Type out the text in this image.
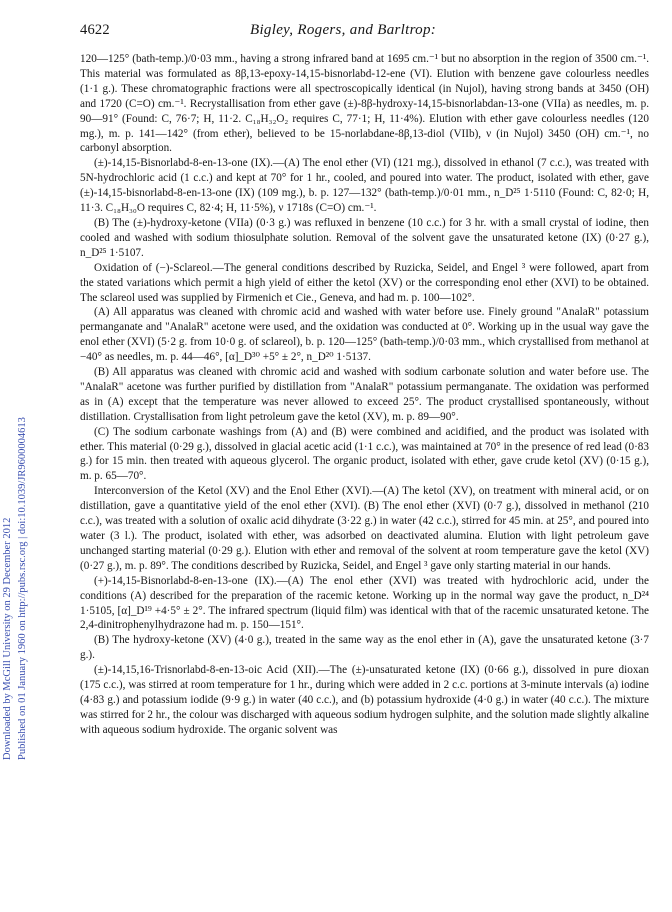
Downloaded by McGill University on 29 December 2012 Published on 01 January 1960 on http://pubs.rsc.org | doi:10.1039/JR9600004613
4622	Bigley, Rogers, and Barltrop:

120—125° (bath-temp.)/0·03 mm., having a strong infrared band at 1695 cm.⁻¹ but no absorption in the region of 3500 cm.⁻¹. This material was formulated as 8β,13-epoxy-14,15-bisnorlabd-12-ene (VI). Elution with benzene gave colourless needles (1·1 g.). These chromatographic fractions were all spectroscopically identical (in Nujol), having strong bands at 3450 (OH) and 1720 (C=O) cm.⁻¹. Recrystallisation from ether gave (±)-8β-hydroxy-14,15-bisnorlabdan-13-one (VIIa) as needles, m. p. 90—91° (Found: C, 76·7; H, 11·2. C₁₈H₃₂O₂ requires C, 77·1; H, 11·4%). Elution with ether gave colourless needles (120 mg.), m. p. 141—142° (from ether), believed to be 15-norlabdane-8β,13-diol (VIIb), ν (in Nujol) 3450 (OH) cm.⁻¹, no carbonyl absorption.

(±)-14,15-Bisnorlabd-8-en-13-one (IX).—(A) The enol ether (VI) (121 mg.), dissolved in ethanol (7 c.c.), was treated with 5N-hydrochloric acid (1 c.c.) and kept at 70° for 1 hr., cooled, and poured into water. The product, isolated with ether, gave (±)-14,15-bisnorlabd-8-en-13-one (IX) (109 mg.), b. p. 127—132° (bath-temp.)/0·01 mm., n_D²⁵ 1·5110 (Found: C, 82·0; H, 11·3. C₁₈H₃₀O requires C, 82·4; H, 11·5%), ν 1718s (C=O) cm.⁻¹.

(B) The (±)-hydroxy-ketone (VIIa) (0·3 g.) was refluxed in benzene (10 c.c.) for 3 hr. with a small crystal of iodine, then cooled and washed with sodium thiosulphate solution. Removal of the solvent gave the unsaturated ketone (IX) (0·27 g.), n_D²⁵ 1·5107.

Oxidation of (−)-Sclareol.—The general conditions described by Ruzicka, Seidel, and Engel ³ were followed, apart from the stated variations which permit a high yield of either the ketol (XV) or the corresponding enol ether (XVI) to be obtained. The sclareol used was supplied by Firmenich et Cie., Geneva, and had m. p. 100—102°.

(A) All apparatus was cleaned with chromic acid and washed with water before use. Finely ground "AnalaR" potassium permanganate and "AnalaR" acetone were used, and the oxidation was conducted at 0°. Working up in the usual way gave the enol ether (XVI) (5·2 g. from 10·0 g. of sclareol), b. p. 120—125° (bath-temp.)/0·03 mm., which crystallised from methanol at −40° as needles, m. p. 44—46°, [α]_D³⁰ +5° ± 2°, n_D²⁰ 1·5137.

(B) All apparatus was cleaned with chromic acid and washed with sodium carbonate solution and water before use. The "AnalaR" acetone was further purified by distillation from "AnalaR" potassium permanganate. The oxidation was performed as in (A) except that the temperature was never allowed to exceed 25°. The product crystallised spontaneously, without distillation. Crystallisation from light petroleum gave the ketol (XV), m. p. 89—90°.

(C) The sodium carbonate washings from (A) and (B) were combined and acidified, and the product was isolated with ether. This material (0·29 g.), dissolved in glacial acetic acid (1·1 c.c.), was maintained at 70° in the presence of red lead (0·83 g.) for 15 min. then treated with aqueous glycerol. The organic product, isolated with ether, gave crude ketol (XV) (0·15 g.), m. p. 65—70°.

Interconversion of the Ketol (XV) and the Enol Ether (XVI).—(A) The ketol (XV), on treatment with mineral acid, or on distillation, gave a quantitative yield of the enol ether (XVI). (B) The enol ether (XVI) (0·7 g.), dissolved in methanol (210 c.c.), was treated with a solution of oxalic acid dihydrate (3·22 g.) in water (42 c.c.), stirred for 45 min. at 25°, and poured into water (3 l.). The product, isolated with ether, was adsorbed on deactivated alumina. Elution with light petroleum gave unchanged starting material (0·29 g.). Elution with ether and removal of the solvent at room temperature gave the ketol (XV) (0·27 g.), m. p. 89°. The conditions described by Ruzicka, Seidel, and Engel ³ gave only starting material in our hands.

(+)-14,15-Bisnorlabd-8-en-13-one (IX).—(A) The enol ether (XVI) was treated with hydrochloric acid, under the conditions (A) described for the preparation of the racemic ketone. Working up in the normal way gave the product, n_D²⁴ 1·5105, [α]_D¹⁹ +4·5° ± 2°. The infrared spectrum (liquid film) was identical with that of the racemic unsaturated ketone. The 2,4-dinitrophenylhydrazone had m. p. 150—151°.

(B) The hydroxy-ketone (XV) (4·0 g.), treated in the same way as the enol ether in (A), gave the unsaturated ketone (3·7 g.).

(±)-14,15,16-Trisnorlabd-8-en-13-oic Acid (XII).—The (±)-unsaturated ketone (IX) (0·66 g.), dissolved in pure dioxan (175 c.c.), was stirred at room temperature for 1 hr., during which were added in 2 c.c. portions at 3-minute intervals (a) iodine (4·83 g.) and potassium iodide (9·9 g.) in water (40 c.c.), and (b) potassium hydroxide (4·0 g.) in water (40 c.c.). The mixture was stirred for 2 hr., the colour was discharged with aqueous sodium hydrogen sulphite, and the solution made slightly alkaline with aqueous sodium hydroxide. The organic solvent was
